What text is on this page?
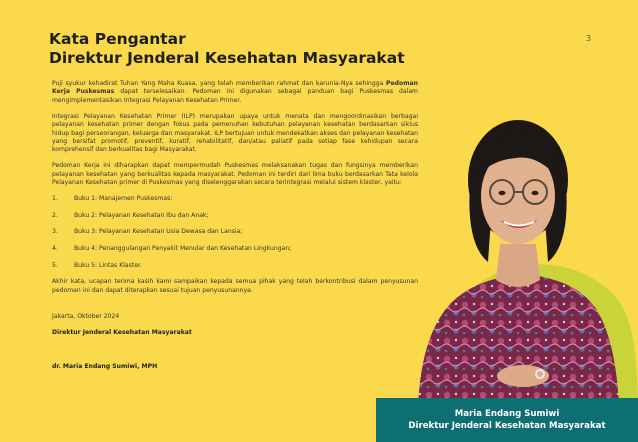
3
Kata Pengantar
Direktur Jenderal Kesehatan Masyarakat

Puji syukur kehadirat Tuhan Yang Maha Kuasa, yang telah memberikan rahmat dan karunia-Nya sehingga Pedoman Kerja Puskesmas dapat terselesaikan. Pedoman ini digunakan sebagai panduan bagi Puskesmas dalam mengimplementasikan Integrasi Pelayanan Kesehatan Primer.

Integrasi Pelayanan Kesehatan Primer (ILP) merupakan upaya untuk menata dan mengoordinasikan berbagai pelayanan kesehatan primer dengan fokus pada pemenuhan kebutuhan pelayanan kesehatan berdasarkan siklus hidup bagi perseorangan, keluarga dan masyarakat. ILP bertujuan untuk mendekatkan akses dan pelayanan kesehatan yang bersifat promotif, preventif, kuratif, rehabilitatif, dan/atau paliatif pada setiap fase kehidupan secara komprehensif dan berkualitas bagi Masyarakat.

Pedoman Kerja ini diharapkan dapat mempermudah Puskesmas melaksanakan tugas dan fungsinya memberikan pelayanan kesehatan yang berkualitas kepada masyarakat. Pedoman ini terdiri dari lima buku berdasarkan Tata kelola Pelayanan Kesehatan primer di Puskesmas yang diselenggarakan secara terintegrasi melalui sistem klaster, yaitu:

1.	Buku 1: Manajemen Puskesmas;
2.	Buku 2: Pelayanan Kesehatan Ibu dan Anak;
3.	Buku 3: Pelayanan Kesehatan Usia Dewasa dan Lansia;
4.	Buku 4: Penanggulangan Penyakit Menular dan Kesehatan Lingkungan;
5.	Buku 5: Lintas Klaster.

Akhir kata, ucapan terima kasih kami sampaikan kepada semua pihak yang telah berkontribusi dalam penyusunan pedoman ini dan dapat diterapkan sesuai tujuan penyusunannya.

Jakarta, Oktober 2024
Direktur Jenderal Kesehatan Masyarakat
dr. Maria Endang Sumiwi, MPH
Maria Endang Sumiwi
Direktur Jenderal Kesehatan Masyarakat
